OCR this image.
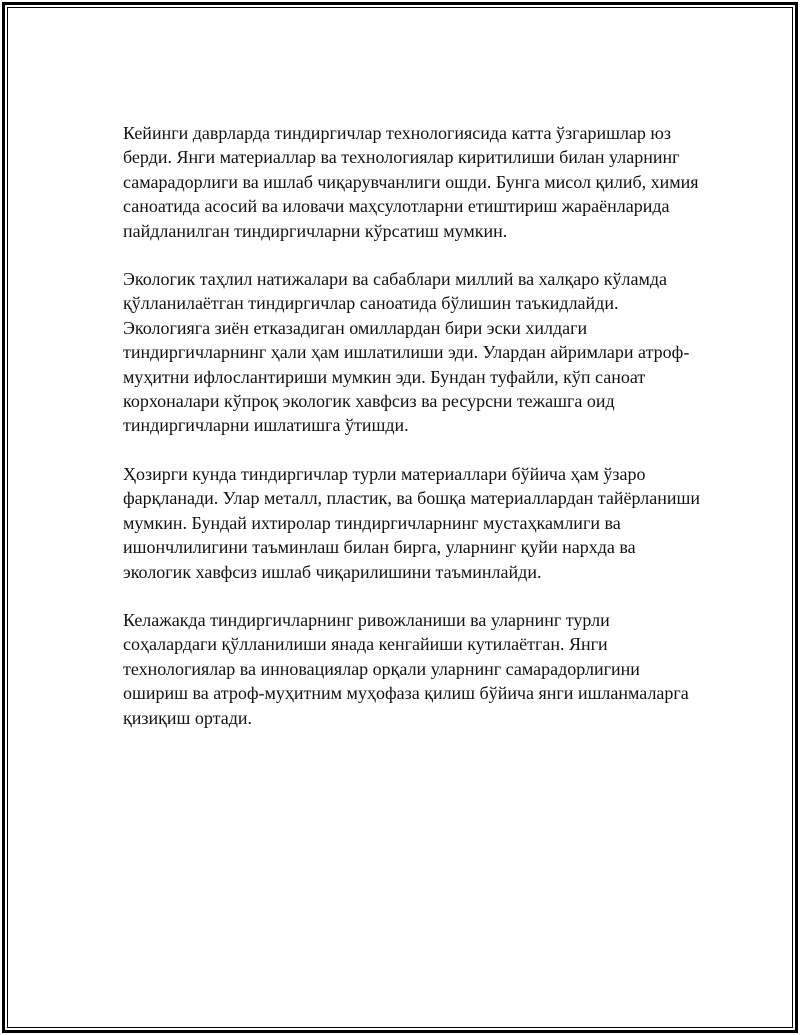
Кейинги даврларда тиндиргичлар технологиясида катта ўзгаришлар юз берди. Янги материаллар ва технологиялар киритилиши билан уларнинг самарадорлиги ва ишлаб чиқарувчанлиги ошди. Бунга мисол қилиб, химия саноатида асосий ва иловачи маҳсулотларни етиштириш жараёнларида пайдланилган тиндиргичларни кўрсатиш мумкин.

Экологик таҳлил натижалари ва сабаблари миллий ва халқаро кўламда қўлланилаётган тиндиргичлар саноатида бўлишин таъкидлайди. Экологияга зиён етказадиган омиллардан бири эски хилдаги тиндиргичларнинг ҳали ҳам ишлатилиши эди. Улардан айримлари атроф-муҳитни ифлослантириши мумкин эди. Бундан туфайли, кўп саноат корхоналари кўпроқ экологик хавфсиз ва ресурсни тежашга оид тиндиргичларни ишлатишга ўтишди.

Ҳозирги кунда тиндиргичлар турли материаллари бўйича ҳам ўзаро фарқланади. Улар металл, пластик, ва бошқа материаллардан тайёрланиши мумкин. Бундай ихтиролар тиндиргичларнинг мустаҳкамлиги ва ишончлилигини таъминлаш билан бирга, уларнинг қуйи нархда ва экологик хавфсиз ишлаб чиқарилишини таъминлайди.

Келажакда тиндиргичларнинг ривожланиши ва уларнинг турли соҳалардаги қўлланилиши янада кенгайиши кутилаётган. Янги технологиялар ва инновациялар орқали уларнинг самарадорлигини ошириш ва атроф-муҳитним муҳофаза қилиш бўйича янги ишланмаларга қизиқиш ортади.
